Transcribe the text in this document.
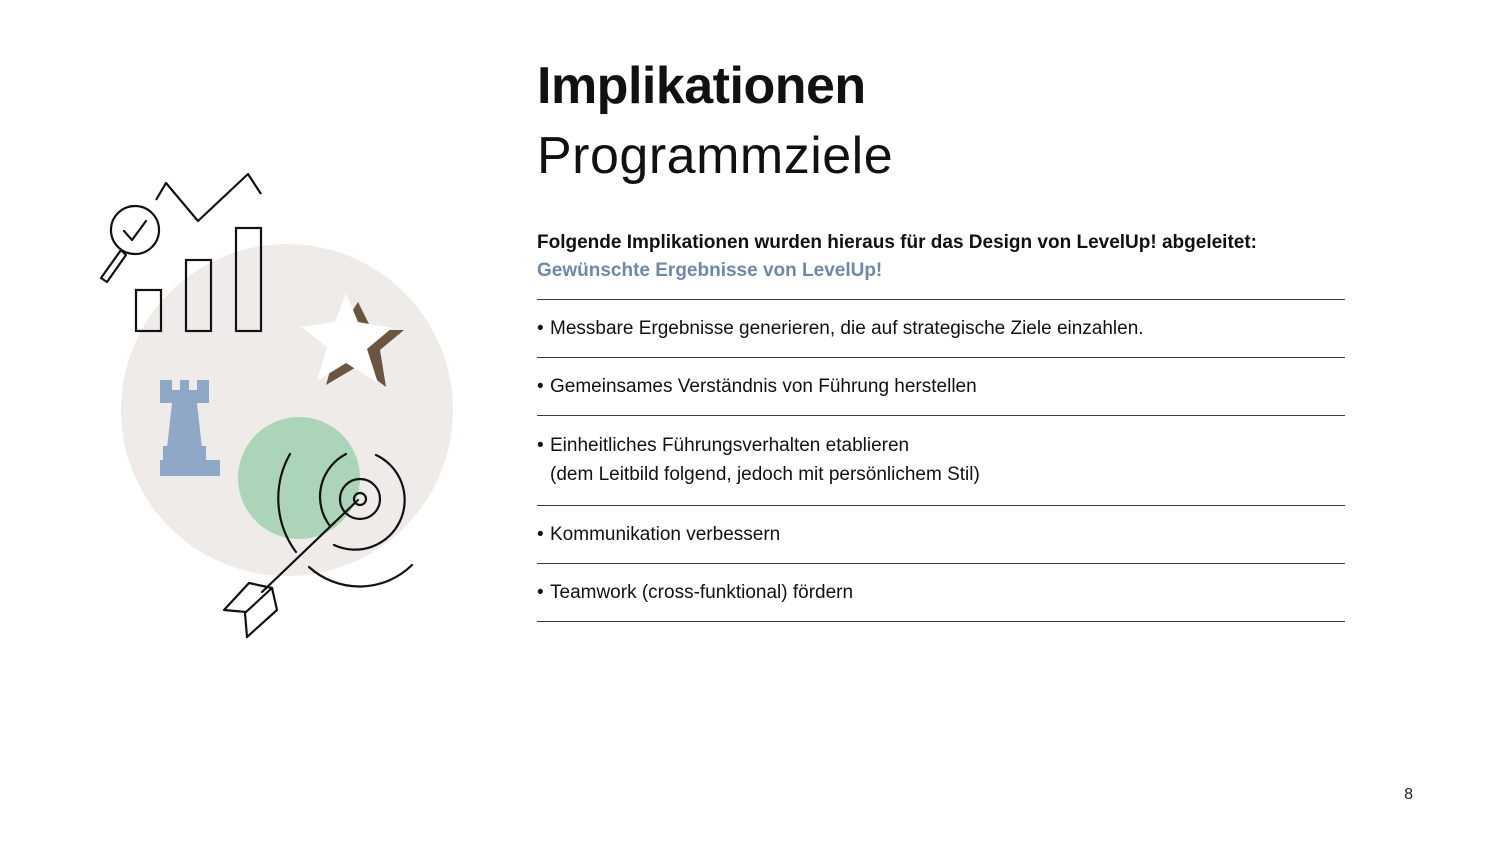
Implikationen
Programmziele
Folgende Implikationen wurden hieraus für das Design von LevelUp! abgeleitet:
Gewünschte Ergebnisse von LevelUp!
• Messbare Ergebnisse generieren, die auf strategische Ziele einzahlen.
• Gemeinsames Verständnis von Führung herstellen
• Einheitliches Führungsverhalten etablieren
(dem Leitbild folgend, jedoch mit persönlichem Stil)
• Kommunikation verbessern
• Teamwork (cross-funktional) fördern
8
